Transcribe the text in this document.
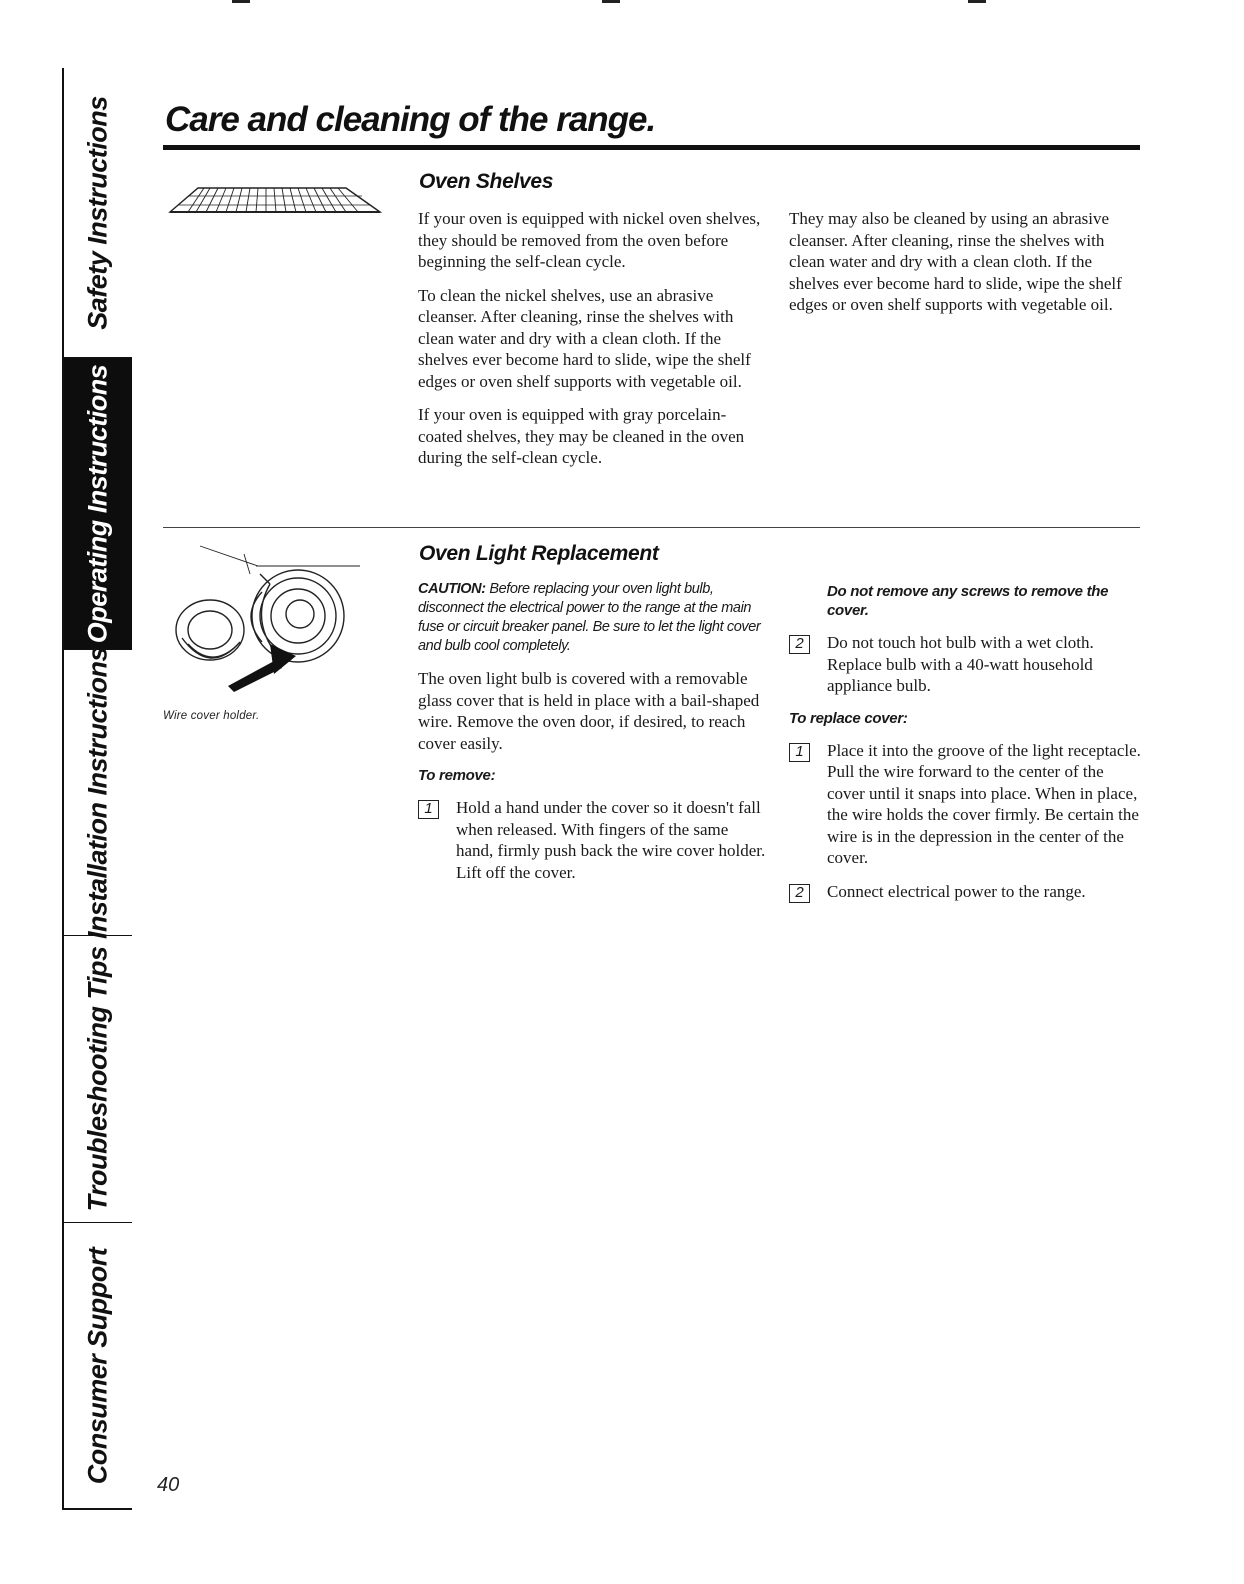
Safety Instructions
Operating Instructions
Installation Instructions
Troubleshooting Tips
Consumer Support
Care and cleaning of the range.
Oven Shelves

If your oven is equipped with nickel oven shelves, they should be removed from the oven before beginning the self-clean cycle.

To clean the nickel shelves, use an abrasive cleanser. After cleaning, rinse the shelves with clean water and dry with a clean cloth. If the shelves ever become hard to slide, wipe the shelf edges or oven shelf supports with vegetable oil.

If your oven is equipped with gray porcelain-coated shelves, they may be cleaned in the oven during the self-clean cycle.

They may also be cleaned by using an abrasive cleanser. After cleaning, rinse the shelves with clean water and dry with a clean cloth. If the shelves ever become hard to slide, wipe the shelf edges or oven shelf supports with vegetable oil.

Wire cover holder.
Oven Light Replacement
CAUTION: Before replacing your oven light bulb, disconnect the electrical power to the range at the main fuse or circuit breaker panel. Be sure to let the light cover and bulb cool completely.

The oven light bulb is covered with a removable glass cover that is held in place with a bail-shaped wire. Remove the oven door, if desired, to reach cover easily.

To remove:
1	Hold a hand under the cover so it doesn't fall when released. With fingers of the same hand, firmly push back the wire cover holder. Lift off the cover.
Do not remove any screws to remove the cover.
2	Do not touch hot bulb with a wet cloth. Replace bulb with a 40-watt household appliance bulb.
To replace cover:
1	Place it into the groove of the light receptacle. Pull the wire forward to the center of the cover until it snaps into place. When in place, the wire holds the cover firmly. Be certain the wire is in the depression in the center of the cover.
2	Connect electrical power to the range.
40
